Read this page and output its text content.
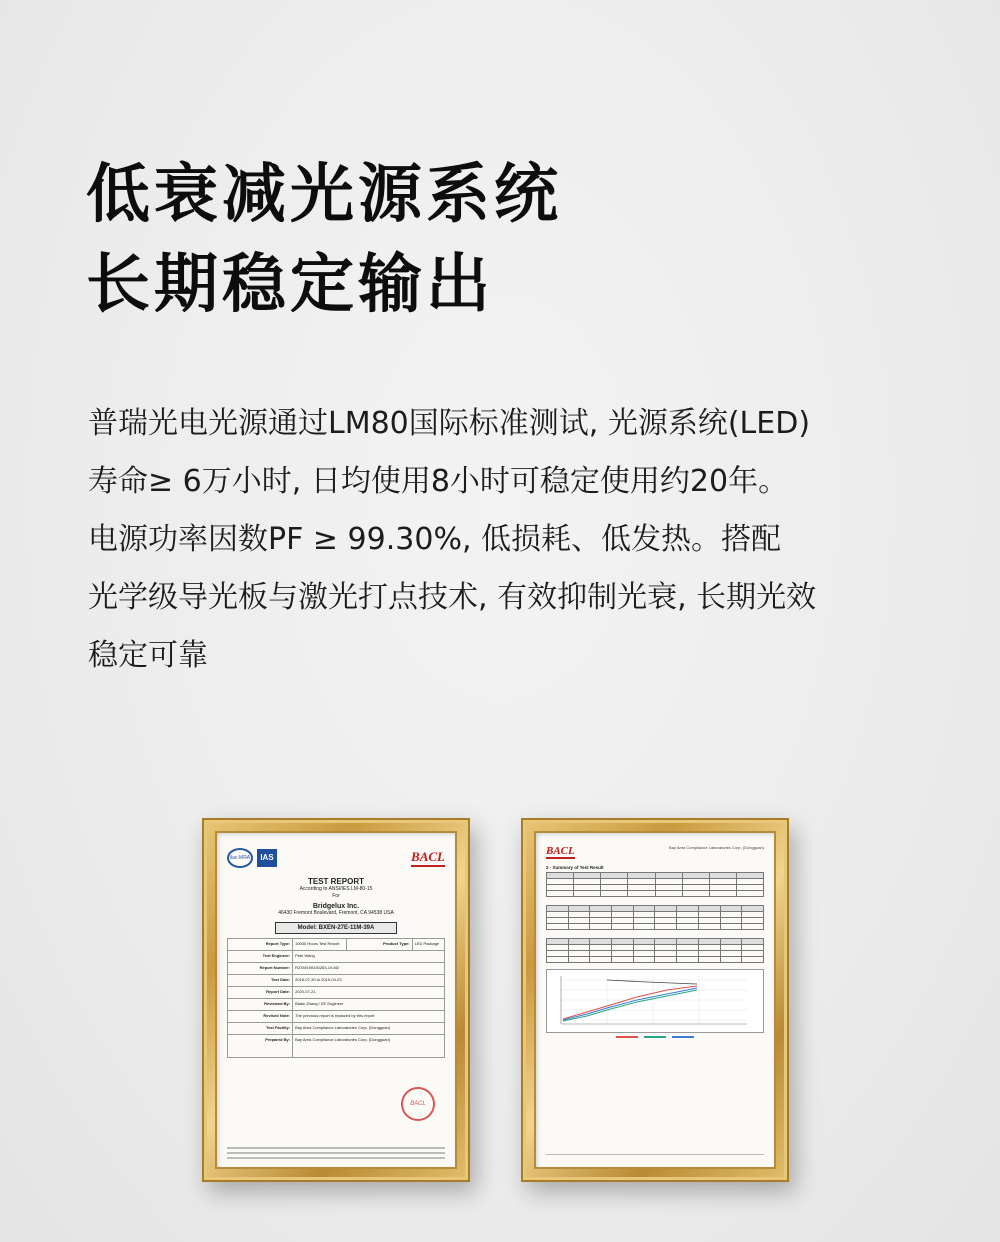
低衰减光源系统
长期稳定输出

普瑞光电光源通过LM80国际标准测试, 光源系统(LED)

寿命≥ 6万小时, 日均使用8小时可稳定使用约20年。

电源功率因数PF ≥ 99.30%, 低损耗、低发热。搭配

光学级导光板与激光打点技术, 有效抑制光衰, 长期光效

稳定可靠

ilac-MRA	IAS	BACL
TEST REPORT
According to ANSI/IES LM-80-15
For
Bridgelux Inc.
46430 Fremont Boulevard, Fremont, CA 94538 USA
Model: BXEN-27E-11M-39A
Report Type:	10000 Hours Test Report	Product Type:	LED Package
Test Engineer:	Pete Wang		
Report Number:	RZXM190430263-19-M2		
Test Date:	2018-07-30 to 2019-04-23		
Report Date:	2020-07-21		
Reviewed By:	Blake Zhang / EE Engineer		
Revised Note:	The previous report is replaced by this report		
Test Facility:	Bay Area Compliance Laboratories Corp. (Dongguan)		
Prepared By:	Bay Area Compliance Laboratories Corp. (Dongguan)		
BACL
BACL	Bay Area Compliance Laboratories Corp. (Dongguan)
2 - Summary of Test Result
